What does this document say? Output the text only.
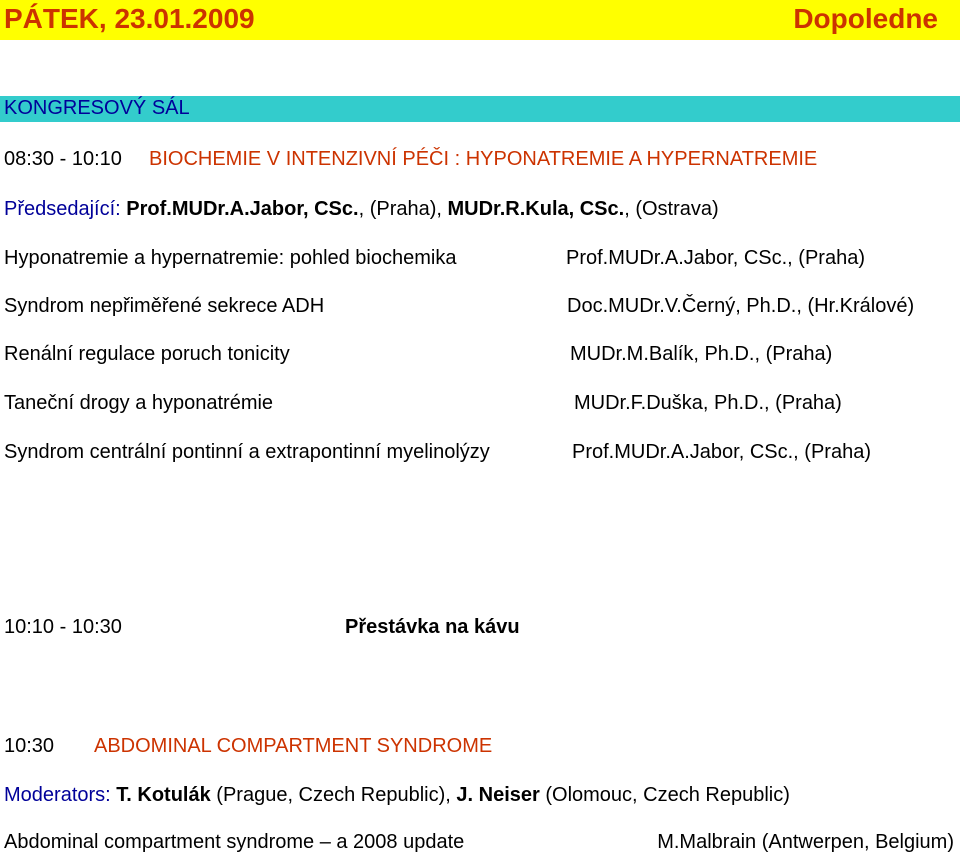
PÁTEK, 23.01.2009	Dopoledne
KONGRESOVÝ SÁL
08:30 - 10:10 BIOCHEMIE V INTENZIVNÍ PÉČI : HYPONATREMIE A HYPERNATREMIE
Předsedající: Prof.MUDr.A.Jabor, CSc., (Praha), MUDr.R.Kula, CSc., (Ostrava)
Hyponatremie a hypernatremie: pohled biochemika	Prof.MUDr.A.Jabor, CSc., (Praha)
Syndrom nepřiměřené sekrece ADH	Doc.MUDr.V.Černý, Ph.D., (Hr.Králové)
Renální regulace poruch tonicity	MUDr.M.Balík, Ph.D., (Praha)
Taneční drogy a hyponatrémie	MUDr.F.Duška, Ph.D., (Praha)
Syndrom centrální pontinní a extrapontinní myelinolýzy	Prof.MUDr.A.Jabor, CSc., (Praha)
10:10 - 10:30	Přestávka na kávu
10:30 ABDOMINAL COMPARTMENT SYNDROME
Moderators: T. Kotulák (Prague, Czech Republic), J. Neiser (Olomouc, Czech Republic)
Abdominal compartment syndrome – a 2008 update	M.Malbrain (Antwerpen, Belgium)
